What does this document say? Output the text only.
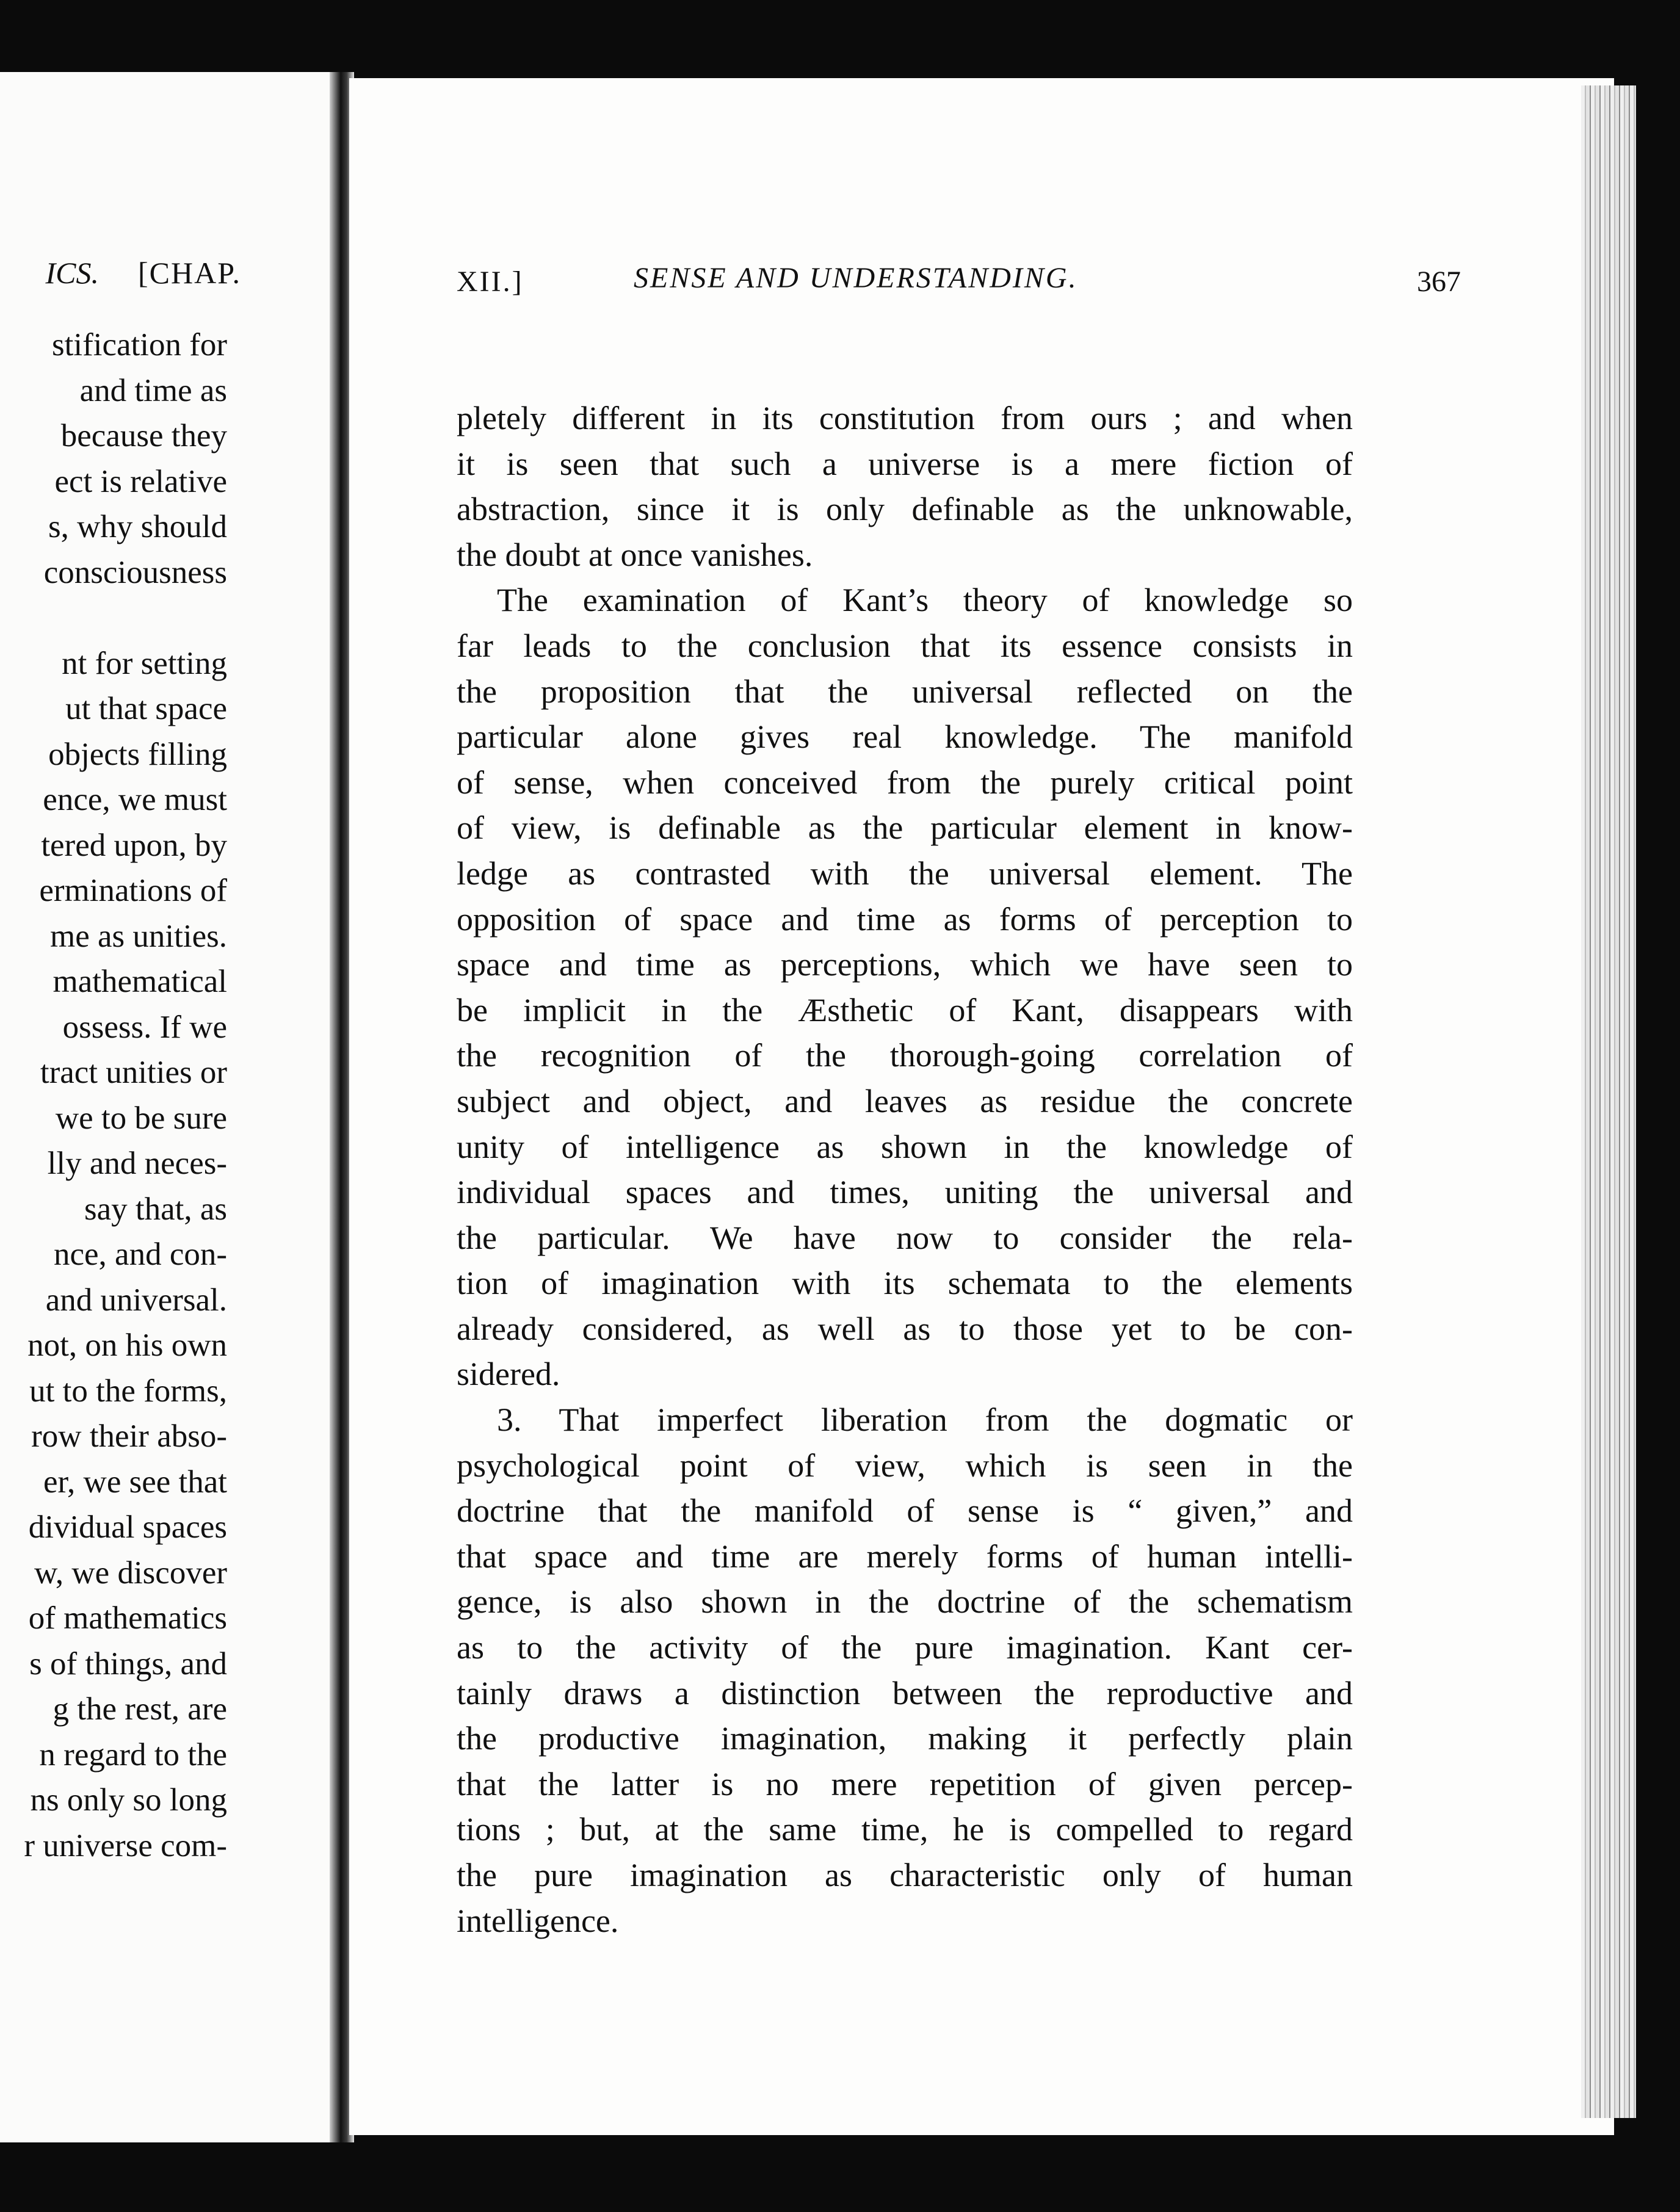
ICS. [CHAP.
stification for
and time as
because they
ect is relative
s, why should
consciousness
nt for setting
ut that space
objects filling
ence, we must
tered upon, by
erminations of
me as unities.
mathematical
ossess. If we
tract unities or
we to be sure
lly and neces-
say that, as
nce, and con-
and universal.
not, on his own
ut to the forms,
row their abso-
er, we see that
dividual spaces
w, we discover
of mathematics
s of things, and
g the rest, are
n regard to the
ns only so long
r universe com-
XII.]	SENSE AND UNDERSTANDING.	367
pletely different in its constitution from ours ; and when
it is seen that such a universe is a mere fiction of
abstraction, since it is only definable as the unknowable,
the doubt at once vanishes.
The examination of Kant’s theory of knowledge so
far leads to the conclusion that its essence consists in
the proposition that the universal reflected on the
particular alone gives real knowledge. The manifold
of sense, when conceived from the purely critical point
of view, is definable as the particular element in know-
ledge as contrasted with the universal element. The
opposition of space and time as forms of perception to
space and time as perceptions, which we have seen to
be implicit in the Æsthetic of Kant, disappears with
the recognition of the thorough-going correlation of
subject and object, and leaves as residue the concrete
unity of intelligence as shown in the knowledge of
individual spaces and times, uniting the universal and
the particular. We have now to consider the rela-
tion of imagination with its schemata to the elements
already considered, as well as to those yet to be con-
sidered.
3. That imperfect liberation from the dogmatic or
psychological point of view, which is seen in the
doctrine that the manifold of sense is “ given,” and
that space and time are merely forms of human intelli-
gence, is also shown in the doctrine of the schematism
as to the activity of the pure imagination. Kant cer-
tainly draws a distinction between the reproductive and
the productive imagination, making it perfectly plain
that the latter is no mere repetition of given percep-
tions ; but, at the same time, he is compelled to regard
the pure imagination as characteristic only of human
intelligence.
